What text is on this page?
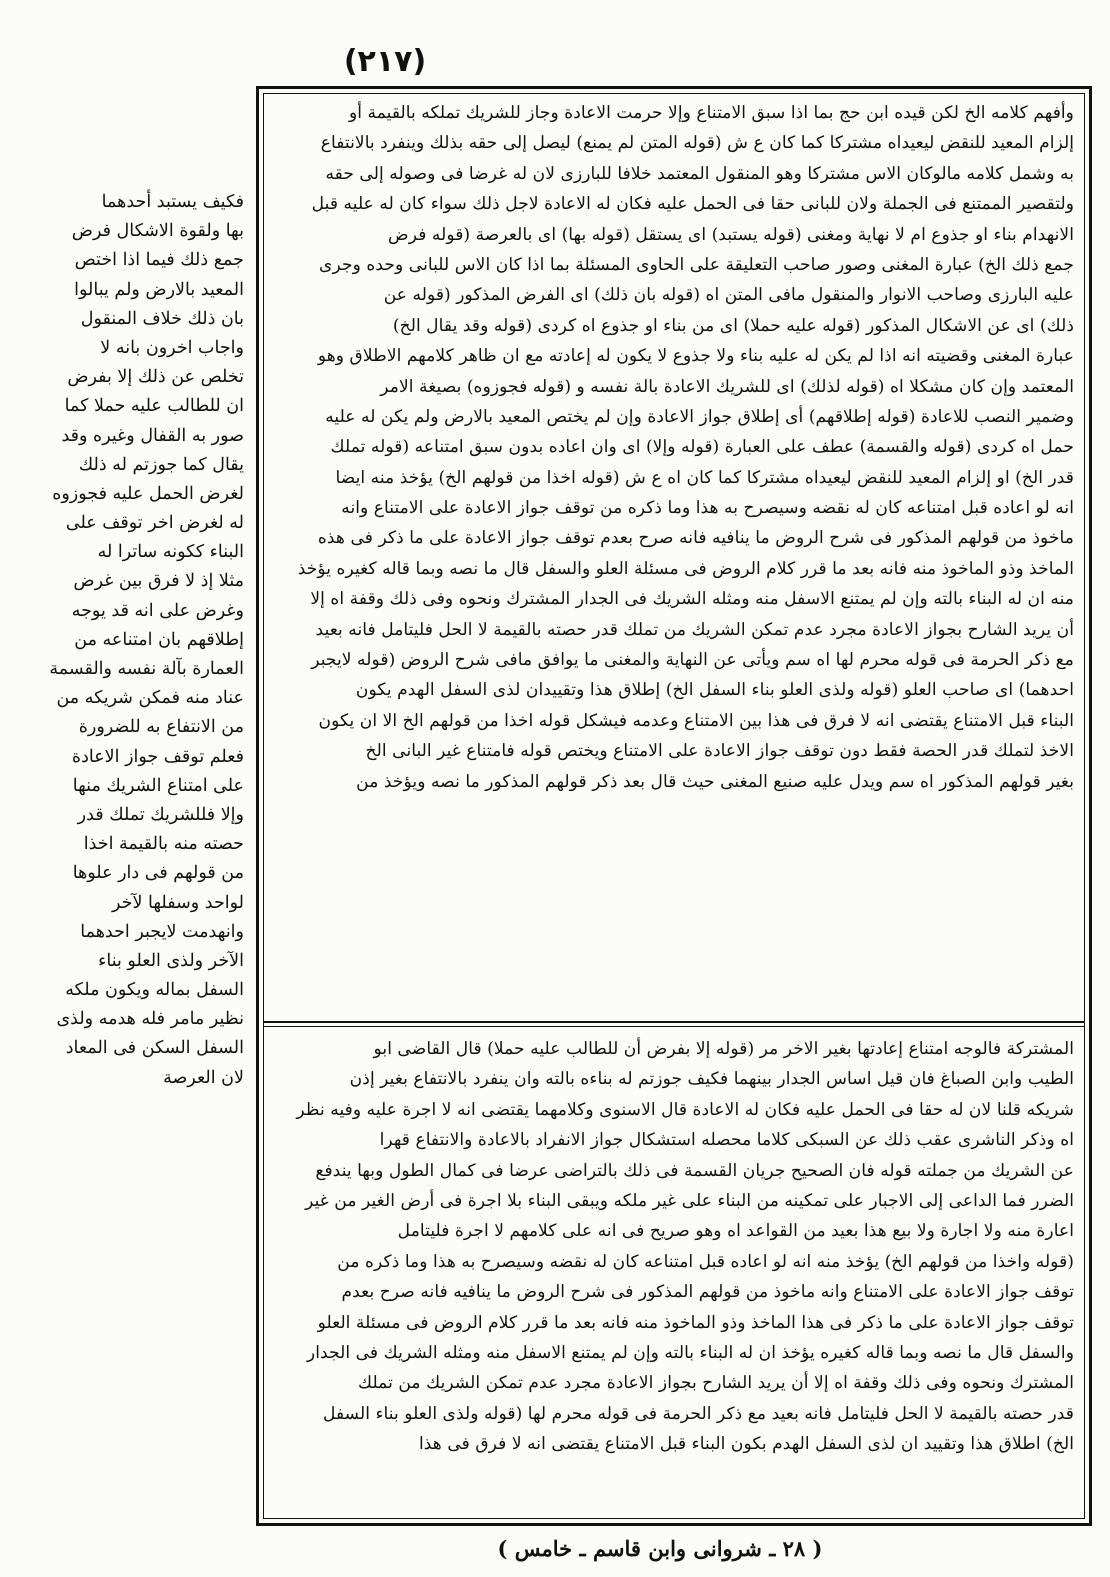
(٢١٧)
فكيف يستبد أحدهما
بها ولقوة الاشكال فرض
جمع ذلك فيما اذا اختص
المعيد بالارض ولم يبالوا
بان ذلك خلاف المنقول
واجاب اخرون بانه لا
تخلص عن ذلك إلا بفرض
ان للطالب عليه حملا كما
صور به القفال وغيره وقد
يقال كما جوزتم له ذلك
لغرض الحمل عليه فجوزوه
له لغرض اخر توقف على
البناء ككونه ساترا له
مثلا إذ لا فرق بين غرض
وغرض على انه قد يوجه
إطلاقهم بان امتناعه من
العمارة بآلة نفسه والقسمة
عناد منه فمكن شريكه من
من الانتفاع به للضرورة
فعلم توقف جواز الاعادة
على امتناع الشريك منها
وإلا فللشريك تملك قدر
حصته منه بالقيمة اخذا
من قولهم فى دار علوها
لواحد وسفلها لآخر
وانهدمت لايجبر احدهما
الآخر ولذى العلو بناء
السفل بماله ويكون ملكه
نظير مامر فله هدمه ولذى
السفل السكن فى المعاد
لان العرصة
وأفهم كلامه الخ لكن قيده ابن حج بما اذا سبق الامتناع وإلا حرمت الاعادة وجاز للشريك تملكه بالقيمة أو
إلزام المعيد للنقض ليعيداه مشتركا كما كان ع ش (قوله المتن لم يمنع) ليصل إلى حقه بذلك وينفرد بالانتفاع
به وشمل كلامه مالوكان الاس مشتركا وهو المنقول المعتمد خلافا للبارزى لان له غرضا فى وصوله إلى حقه
ولتقصير الممتنع فى الجملة ولان للبانى حقا فى الحمل عليه فكان له الاعادة لاجل ذلك سواء كان له عليه قبل
الانهدام بناء او جذوع ام لا نهاية ومغنى (قوله يستبد) اى يستقل (قوله بها) اى بالعرصة (قوله فرض
جمع ذلك الخ) عبارة المغنى وصور صاحب التعليقة على الحاوى المسئلة بما اذا كان الاس للبانى وحده وجرى
عليه البارزى وصاحب الانوار والمنقول مافى المتن اه (قوله بان ذلك) اى الفرض المذكور (قوله عن
ذلك) اى عن الاشكال المذكور (قوله عليه حملا) اى من بناء او جذوع اه كردى (قوله وقد يقال الخ)
عبارة المغنى وقضيته انه اذا لم يكن له عليه بناء ولا جذوع لا يكون له إعادته مع ان ظاهر كلامهم الاطلاق وهو
المعتمد وإن كان مشكلا اه (قوله لذلك) اى للشريك الاعادة بالة نفسه و (قوله فجوزوه) بصيغة الامر
وضمير النصب للاعادة (قوله إطلاقهم) أى إطلاق جواز الاعادة وإن لم يختص المعيد بالارض ولم يكن له عليه
حمل اه كردى (قوله والقسمة) عطف على العبارة (قوله وإلا) اى وان اعاده بدون سبق امتناعه (قوله تملك
قدر الخ) او إلزام المعيد للنقض ليعيداه مشتركا كما كان اه ع ش (قوله اخذا من قولهم الخ) يؤخذ منه ايضا
انه لو اعاده قبل امتناعه كان له نقضه وسيصرح به هذا وما ذكره من توقف جواز الاعادة على الامتناع وانه
ماخوذ من قولهم المذكور فى شرح الروض ما ينافيه فانه صرح بعدم توقف جواز الاعادة على ما ذكر فى هذه
الماخذ وذو الماخوذ منه فانه بعد ما قرر كلام الروض فى مسئلة العلو والسفل قال ما نصه وبما قاله كغيره يؤخذ
منه ان له البناء بالته وإن لم يمتنع الاسفل منه ومثله الشريك فى الجدار المشترك ونحوه وفى ذلك وقفة اه إلا
أن يريد الشارح بجواز الاعادة مجرد عدم تمكن الشريك من تملك قدر حصته بالقيمة لا الحل فليتامل فانه بعيد
مع ذكر الحرمة فى قوله محرم لها اه سم ويأتى عن النهاية والمغنى ما يوافق مافى شرح الروض (قوله لايجبر
احدهما) اى صاحب العلو (قوله ولذى العلو بناء السفل الخ) إطلاق هذا وتقييدان لذى السفل الهدم يكون
البناء قبل الامتناع يقتضى انه لا فرق فى هذا بين الامتناع وعدمه فيشكل قوله اخذا من قولهم الخ الا ان يكون
الاخذ لتملك قدر الحصة فقط دون توقف جواز الاعادة على الامتناع ويختص قوله فامتناع غير البانى الخ
بغير قولهم المذكور اه سم ويدل عليه صنيع المغنى حيث قال بعد ذكر قولهم المذكور ما نصه ويؤخذ من
المشتركة فالوجه امتناع إعادتها بغير الاخر مر (قوله إلا بفرض أن للطالب عليه حملا) قال القاضى ابو
الطيب وابن الصباغ فان قيل اساس الجدار بينهما فكيف جوزتم له بناءه بالته وان ينفرد بالانتفاع بغير إذن
شريكه قلنا لان له حقا فى الحمل عليه فكان له الاعادة قال الاسنوى وكلامهما يقتضى انه لا اجرة عليه وفيه نظر
اه وذكر الناشرى عقب ذلك عن السبكى كلاما محصله استشكال جواز الانفراد بالاعادة والانتفاع قهرا
عن الشريك من جملته قوله فان الصحيح جريان القسمة فى ذلك بالتراضى عرضا فى كمال الطول وبها يندفع
الضرر فما الداعى إلى الاجبار على تمكينه من البناء على غير ملكه ويبقى البناء بلا اجرة فى أرض الغير من غير
اعارة منه ولا اجارة ولا بيع هذا بعيد من القواعد اه وهو صريح فى انه على كلامهم لا اجرة فليتامل
(قوله واخذا من قولهم الخ) يؤخذ منه انه لو اعاده قبل امتناعه كان له نقضه وسيصرح به هذا وما ذكره من
توقف جواز الاعادة على الامتناع وانه ماخوذ من قولهم المذكور فى شرح الروض ما ينافيه فانه صرح بعدم
توقف جواز الاعادة على ما ذكر فى هذا الماخذ وذو الماخوذ منه فانه بعد ما قرر كلام الروض فى مسئلة العلو
والسفل قال ما نصه وبما قاله كغيره يؤخذ ان له البناء بالته وإن لم يمتنع الاسفل منه ومثله الشريك فى الجدار
المشترك ونحوه وفى ذلك وقفة اه إلا أن يريد الشارح بجواز الاعادة مجرد عدم تمكن الشريك من تملك
قدر حصته بالقيمة لا الحل فليتامل فانه بعيد مع ذكر الحرمة فى قوله محرم لها (قوله ولذى العلو بناء السفل
الخ) اطلاق هذا وتقييد ان لذى السفل الهدم بكون البناء قبل الامتناع يقتضى انه لا فرق فى هذا
( ٢٨ ـ شروانى وابن قاسم ـ خامس )
